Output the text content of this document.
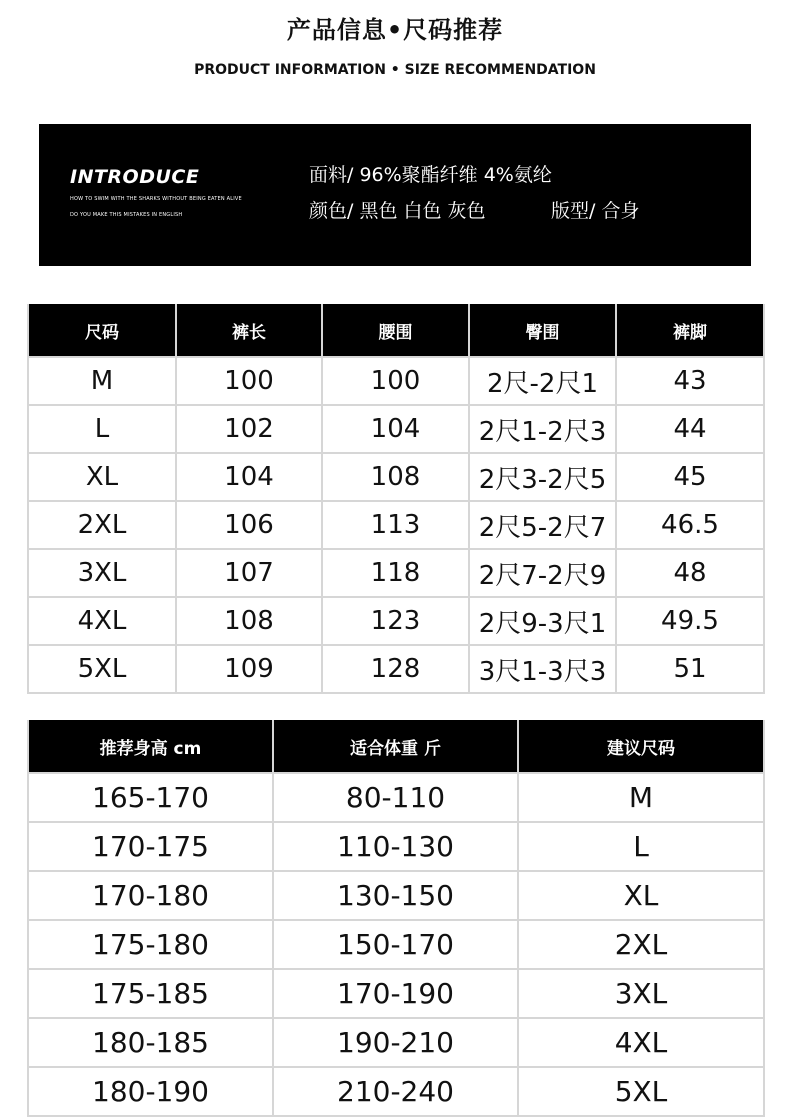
产品信息•尺码推荐
PRODUCT INFORMATION • SIZE RECOMMENDATION
INTRODUCE
HOW TO SWIM WITH THE SHARKS WITHOUT BEING EATEN ALIVE
DO YOU MAKE THIS MISTAKES IN ENGLISH
面料/ 96%聚酯纤维 4%氨纶
颜色/ 黑色 白色 灰色	版型/ 合身
尺码	裤长	腰围	臀围	裤脚
M	100	100	2尺-2尺1	43
L	102	104	2尺1-2尺3	44
XL	104	108	2尺3-2尺5	45
2XL	106	113	2尺5-2尺7	46.5
3XL	107	118	2尺7-2尺9	48
4XL	108	123	2尺9-3尺1	49.5
5XL	109	128	3尺1-3尺3	51
推荐身高 cm	适合体重 斤	建议尺码
165-170	80-110	M
170-175	110-130	L
170-180	130-150	XL
175-180	150-170	2XL
175-185	170-190	3XL
180-185	190-210	4XL
180-190	210-240	5XL
